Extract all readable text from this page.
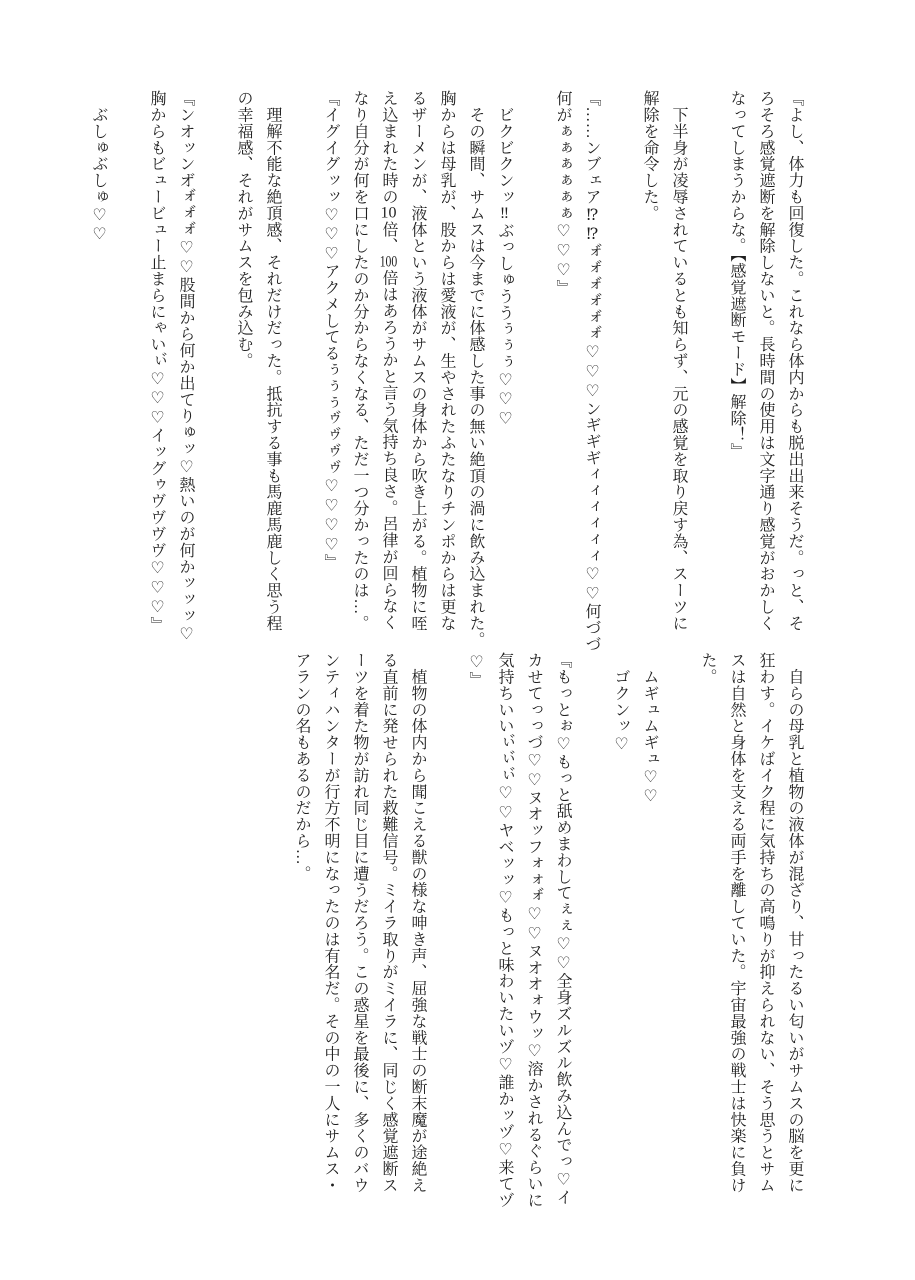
『よし、体力も回復した。これなら体内からも脱出出来そうだ。っと、そ

ろそろ感覚遮断を解除しないと。長時間の使用は文字通り感覚がおかしく

なってしまうからな。【感覚遮断モード】解除！』

​

　下半身が凌辱されているとも知らず、元の感覚を取り戻す為、スーツに

解除を命令した。

​

『……ンブェア⁉⁉ォ゙ォ゙ォ゙ォ゙ォ゙ォ゙♡♡♡ンギギギィィィィィィ♡♡何づづ

何がぁぁぁぁぁぁ♡♡♡』

​

　ビクビクンッ‼ぶっしゅううぅぅぅ♡♡♡

　その瞬間、サムスは今までに体感した事の無い絶頂の渦に飲み込まれた。

胸からは母乳が、股からは愛液が、生やされたふたなりチンポからは更な

るザーメンが、液体という液体がサムスの身体から吹き上がる。植物に咥

え込まれた時の10倍、100倍はあろうかと言う気持ち良さ。呂律が回らなく

なり自分が何を口にしたのか分からなくなる、ただ一つ分かったのは…。

『イグイグッッ♡♡♡アクメしてるぅぅぅゥ゙ゥ゙ゥ゙ゥ゙♡♡♡♡』

​

　理解不能な絶頂感、それだけだった。抵抗する事も馬鹿馬鹿しく思う程

の幸福感、それがサムスを包み込む。

​

『ンオッンオ゙ォ゙ォ゙ォ゙♡♡股間から何か出てりゅッ♡熱いのが何かッッッ♡

胸からもビュービュー止まらにゃいぃ゙♡♡♡イッグゥヴヴヴヴ♡♡♡』

​

　ぶしゅぶしゅ♡♡

　自らの母乳と植物の液体が混ざり、甘ったるい匂いがサムスの脳を更に

狂わす。イケばイク程に気持ちの高鳴りが抑えられない、そう思うとサム

スは自然と身体を支える両手を離していた。宇宙最強の戦士は快楽に負け

た。

​

　ムギュムギュ♡♡

　ゴクンッ♡

​

『もっとぉ♡もっと舐めまわしてぇぇ♡♡全身ズルズル飲み込んでっ♡イ

カせてっっづ♡♡ヌオッフォォォ゙♡♡ヌオオォウッ♡溶かされるぐらいに

気持ちいいぃ゙ぃ゙ぃ゙♡♡ヤベッッ♡もっと味わいたいヅ♡誰かッヅ♡来てヅ

♡』

​

　植物の体内から聞こえる獣の様な呻き声、屈強な戦士の断末魔が途絶え

る直前に発せられた救難信号。ミイラ取りがミイラに、同じく感覚遮断ス

ーツを着た物が訪れ同じ目に遭うだろう。この惑星を最後に、多くのバウ

ンティハンターが行方不明になったのは有名だ。その中の一人にサムス・

アランの名もあるのだから…。
